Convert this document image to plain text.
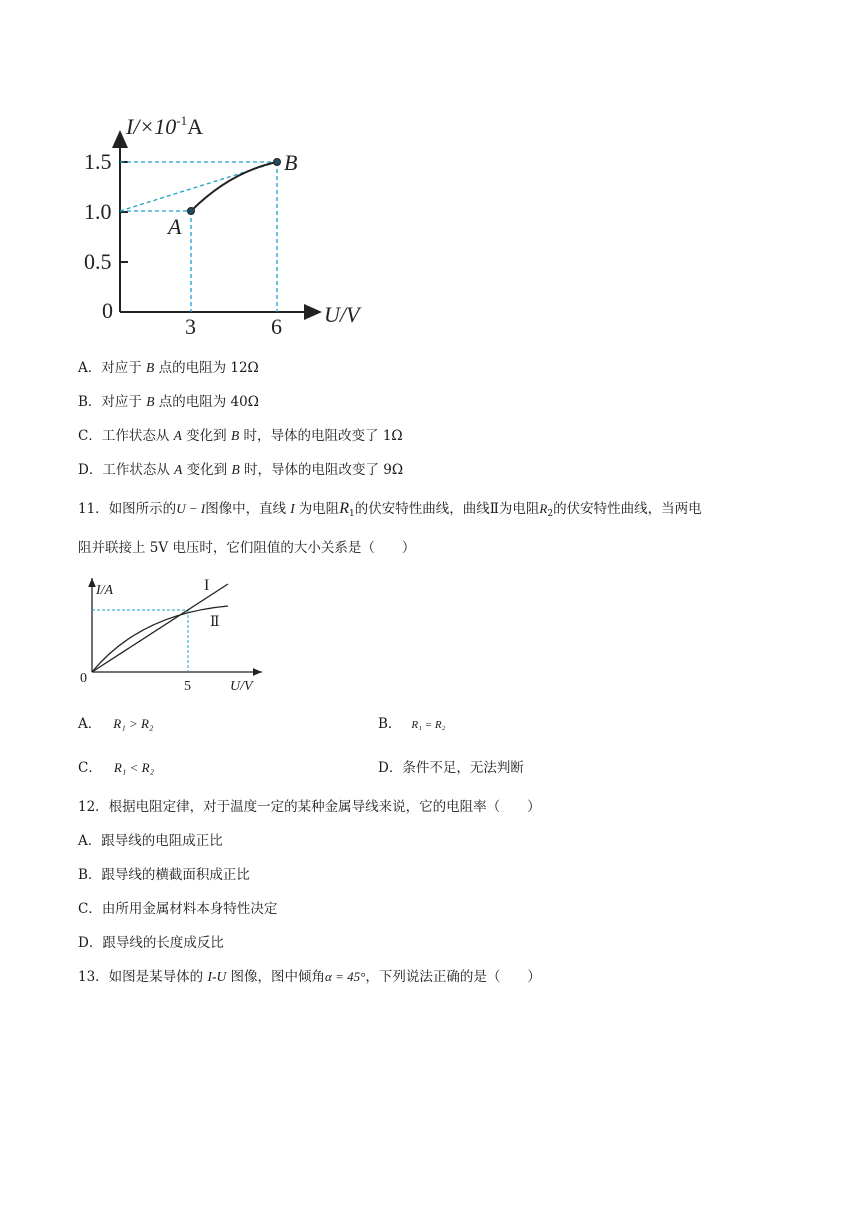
$I/\times 10^{-1}A$
1.5
1.0
0.5
0
3	6 U/V
A
B
A．对应于 B 点的电阻为 12Ω
B．对应于 B 点的电阻为 40Ω
C．工作状态从 A 变化到 B 时，导体的电阻改变了 1Ω
D．工作状态从 A 变化到 B 时，导体的电阻改变了 9Ω
11．如图所示的U − I图像中，直线 I 为电阻$R_1$的伏安特性曲线，曲线Ⅱ为电阻$R_2$的伏安特性曲线，当两电
阻并联接上 5V 电压时，它们阻值的大小关系是（　　）
I/A
0
5	U/V
I
Ⅱ
A． R₁ > R₂	B． R₁ = R₂
C． R₁ < R₂	D．条件不足，无法判断
12．根据电阻定律，对于温度一定的某种金属导线来说，它的电阻率（　　）
A．跟导线的电阻成正比
B．跟导线的横截面积成正比
C．由所用金属材料本身特性决定
D．跟导线的长度成反比
13．如图是某导体的 I-U 图像，图中倾角α = 45°，下列说法正确的是（　　）
